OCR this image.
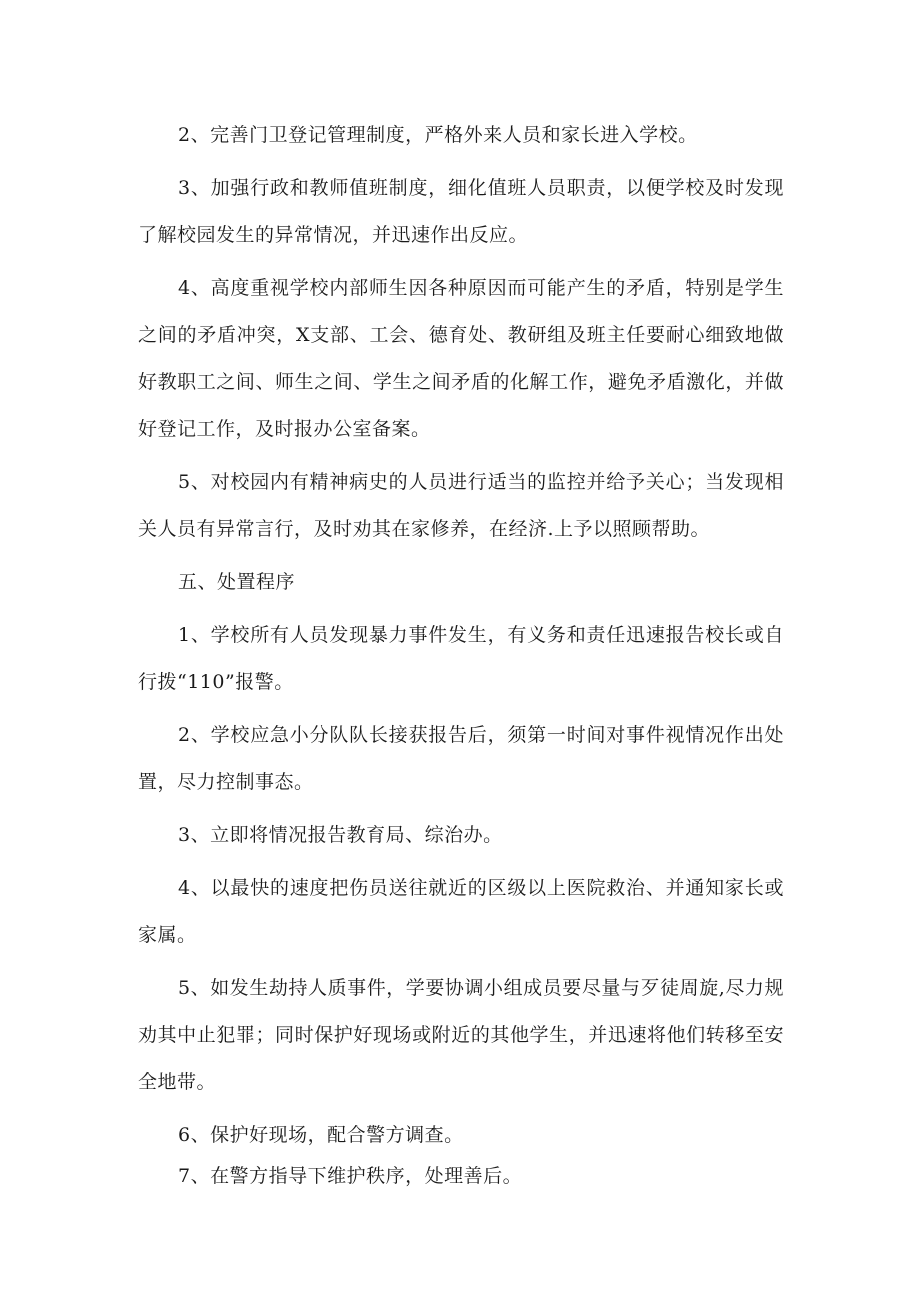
2、完善门卫登记管理制度，严格外来人员和家长进入学校。

3、加强行政和教师值班制度，细化值班人员职责，以便学校及时发现了解校园发生的异常情况，并迅速作出反应。

4、高度重视学校内部师生因各种原因而可能产生的矛盾，特别是学生之间的矛盾冲突，X支部、工会、德育处、教研组及班主任要耐心细致地做好教职工之间、师生之间、学生之间矛盾的化解工作，避免矛盾激化，并做好登记工作，及时报办公室备案。

5、对校园内有精神病史的人员进行适当的监控并给予关心；当发现相关人员有异常言行，及时劝其在家修养，在经济.上予以照顾帮助。

五、处置程序

1、学校所有人员发现暴力事件发生，有义务和责任迅速报告校长或自行拨“110”报警。

2、学校应急小分队队长接获报告后，须第一时间对事件视情况作出处置，尽力控制事态。

3、立即将情况报告教育局、综治办。

4、以最快的速度把伤员送往就近的区级以上医院救治、并通知家长或家属。

5、如发生劫持人质事件，学要协调小组成员要尽量与歹徒周旋,尽力规劝其中止犯罪；同时保护好现场或附近的其他学生，并迅速将他们转移至安全地带。

6、保护好现场，配合警方调查。

7、在警方指导下维护秩序，处理善后。
